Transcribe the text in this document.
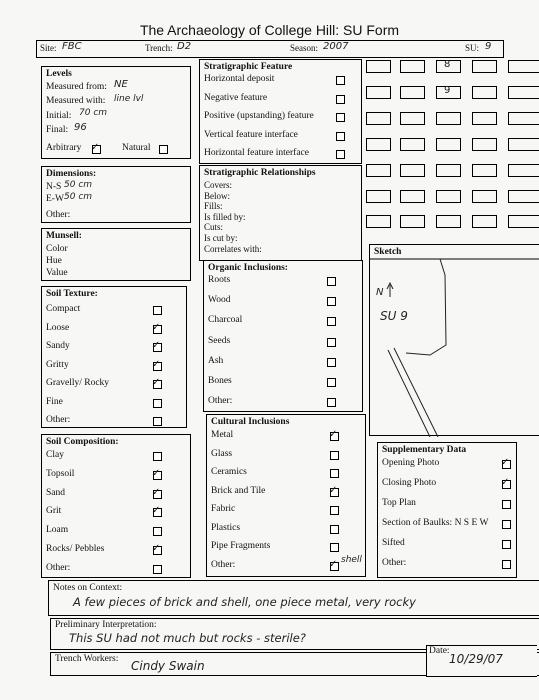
The Archaeology of College Hill: SU Form
Site: FBC	Trench: D2	Season: 2007	SU: 9
Levels
Measured from: NE
Measured with: line lvl
Initial: 70 cm
Final: 96
Arbitrary ✓ Natural
Dimensions:
N-S 50 cm
E-W 50 cm
Other:
Munsell:
Color
Hue
Value
Soil Texture:
Compact
Loose	✓
Sandy	✓
Gritty	✓
Gravelly/ Rocky	✓
Fine
Other:
Soil Composition:
Clay
Topsoil	✓
Sand	✓
Grit	✓
Loam
Rocks/ Pebbles	✓
Other:
Stratigraphic Feature
Horizontal deposit
Negative feature
Positive (upstanding) feature
Vertical feature interface
Horizontal feature interface
Stratigraphic Relationships
Covers:
Below:
Fills:
Is filled by:
Cuts:
Is cut by:
Correlates with:
Organic Inclusions:
Roots
Wood
Charcoal
Seeds
Ash
Bones
Other:
Cultural Inclusions
Metal	✓
Glass
Ceramics
Brick and Tile	✓
Fabric
Plastics
Pipe Fragments
Other:	✓ shell
8
9
Sketch
N
SU 9
Supplementary Data
Opening Photo	✓
Closing Photo	✓
Top Plan
Section of Baulks: N S E W
Sifted
Other:
Notes on Context:
A few pieces of brick and shell, one piece metal, very rocky
Preliminary Interpretation:
This SU had not much but rocks - sterile?
Trench Workers:	Cindy Swain
Date:
10/29/07
